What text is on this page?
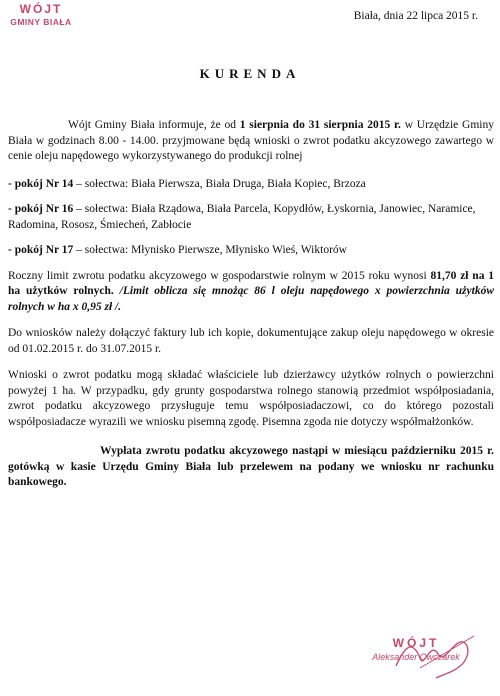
WÓJT
GMINY BIAŁA	Biała, dnia 22 lipca 2015 r.
KURENDA

Wójt Gminy Biała informuje, że od 1 sierpnia do 31 sierpnia 2015 r. w Urzędzie Gminy Biała w godzinach 8.00 - 14.00. przyjmowane będą wnioski o zwrot podatku akcyzowego zawartego w cenie oleju napędowego wykorzystywanego do produkcji rolnej

- pokój Nr 14 – sołectwa: Biała Pierwsza, Biała Druga, Biała Kopiec, Brzoza

- pokój Nr 16 – sołectwa: Biała Rządowa, Biała Parcela, Kopydłów, Łyskornia, Janowiec, Naramice, Radomina, Rososz, Śmiecheń, Zabłocie

- pokój Nr 17 – sołectwa: Młynisko Pierwsze, Młynisko Wieś, Wiktorów

Roczny limit zwrotu podatku akcyzowego w gospodarstwie rolnym w 2015 roku wynosi 81,70 zł na 1 ha użytków rolnych. /Limit oblicza się mnożąc 86 l oleju napędowego x powierzchnia użytków rolnych w ha x 0,95 zł /.

Do wniosków należy dołączyć faktury lub ich kopie, dokumentujące zakup oleju napędowego w okresie od 01.02.2015 r. do 31.07.2015 r.

Wnioski o zwrot podatku mogą składać właściciele lub dzierżawcy użytków rolnych o powierzchni powyżej 1 ha. W przypadku, gdy grunty gospodarstwa rolnego stanowią przedmiot współposiadania, zwrot podatku akcyzowego przysługuje temu współposiadaczowi, co do którego pozostali współposiadacze wyrazili we wniosku pisemną zgodę. Pisemna zgoda nie dotyczy współmałżonków.

Wypłata zwrotu podatku akcyzowego nastąpi w miesiącu październiku 2015 r. gotówką w kasie Urzędu Gminy Biała lub przelewem na podany we wniosku nr rachunku bankowego.

WÓJT
Aleksander Owczarek
